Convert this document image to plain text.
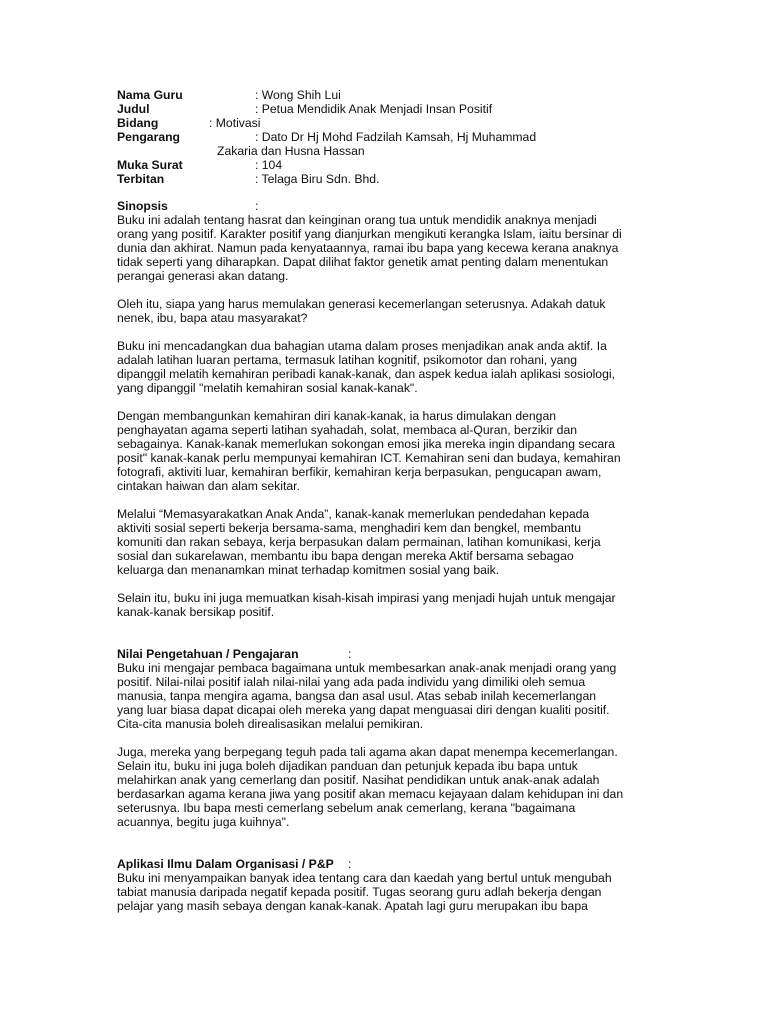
Nama Guru	: Wong Shih Lui
Judul	: Petua Mendidik Anak Menjadi Insan Positif
Bidang	: Motivasi
Pengarang	: Dato Dr Hj Mohd Fadzilah Kamsah, Hj Muhammad
Zakaria dan Husna Hassan
Muka Surat	: 104
Terbitan	: Telaga Biru Sdn. Bhd.
Sinopsis	:
Buku ini adalah tentang hasrat dan keinginan orang tua untuk mendidik anaknya menjadi
orang yang positif. Karakter positif yang dianjurkan mengikuti kerangka Islam, iaitu bersinar di
dunia dan akhirat. Namun pada kenyataannya, ramai ibu bapa yang kecewa kerana anaknya
tidak seperti yang diharapkan. Dapat dilihat faktor genetik amat penting dalam menentukan
perangai generasi akan datang.
Oleh itu, siapa yang harus memulakan generasi kecemerlangan seterusnya. Adakah datuk
nenek, ibu, bapa atau masyarakat?
Buku ini mencadangkan dua bahagian utama dalam proses menjadikan anak anda aktif. Ia
adalah latihan luaran pertama, termasuk latihan kognitif, psikomotor dan rohani, yang
dipanggil melatih kemahiran peribadi kanak-kanak, dan aspek kedua ialah aplikasi sosiologi,
yang dipanggil "melatih kemahiran sosial kanak-kanak".
Dengan membangunkan kemahiran diri kanak-kanak, ia harus dimulakan dengan
penghayatan agama seperti latihan syahadah, solat, membaca al-Quran, berzikir dan
sebagainya. Kanak-kanak memerlukan sokongan emosi jika mereka ingin dipandang secara
posit" kanak-kanak perlu mempunyai kemahiran ICT. Kemahiran seni dan budaya, kemahiran
fotografi, aktiviti luar, kemahiran berfikir, kemahiran kerja berpasukan, pengucapan awam,
cintakan haiwan dan alam sekitar.
Melalui “Memasyarakatkan Anak Anda”, kanak-kanak memerlukan pendedahan kepada
aktiviti sosial seperti bekerja bersama-sama, menghadiri kem dan bengkel, membantu
komuniti dan rakan sebaya, kerja berpasukan dalam permainan, latihan komunikasi, kerja
sosial dan sukarelawan, membantu ibu bapa dengan mereka Aktif bersama sebagao
keluarga dan menanamkan minat terhadap komitmen sosial yang baik.
Selain itu, buku ini juga memuatkan kisah-kisah impirasi yang menjadi hujah untuk mengajar
kanak-kanak bersikap positif.
Nilai Pengetahuan / Pengajaran	:
Buku ini mengajar pembaca bagaimana untuk membesarkan anak-anak menjadi orang yang
positif. Nilai-nilai positif ialah nilai-nilai yang ada pada individu yang dimiliki oleh semua
manusia, tanpa mengira agama, bangsa dan asal usul. Atas sebab inilah kecemerlangan
yang luar biasa dapat dicapai oleh mereka yang dapat menguasai diri dengan kualiti positif.
Cita-cita manusia boleh direalisasikan melalui pemikiran.
Juga, mereka yang berpegang teguh pada tali agama akan dapat menempa kecemerlangan.
Selain itu, buku ini juga boleh dijadikan panduan dan petunjuk kepada ibu bapa untuk
melahirkan anak yang cemerlang dan positif. Nasihat pendidikan untuk anak-anak adalah
berdasarkan agama kerana jiwa yang positif akan memacu kejayaan dalam kehidupan ini dan
seterusnya. Ibu bapa mesti cemerlang sebelum anak cemerlang, kerana "bagaimana
acuannya, begitu juga kuihnya".
Aplikasi Ilmu Dalam Organisasi / P&P :
Buku ini menyampaikan banyak idea tentang cara dan kaedah yang bertul untuk mengubah
tabiat manusia daripada negatif kepada positif. Tugas seorang guru adlah bekerja dengan
pelajar yang masih sebaya dengan kanak-kanak. Apatah lagi guru merupakan ibu bapa
